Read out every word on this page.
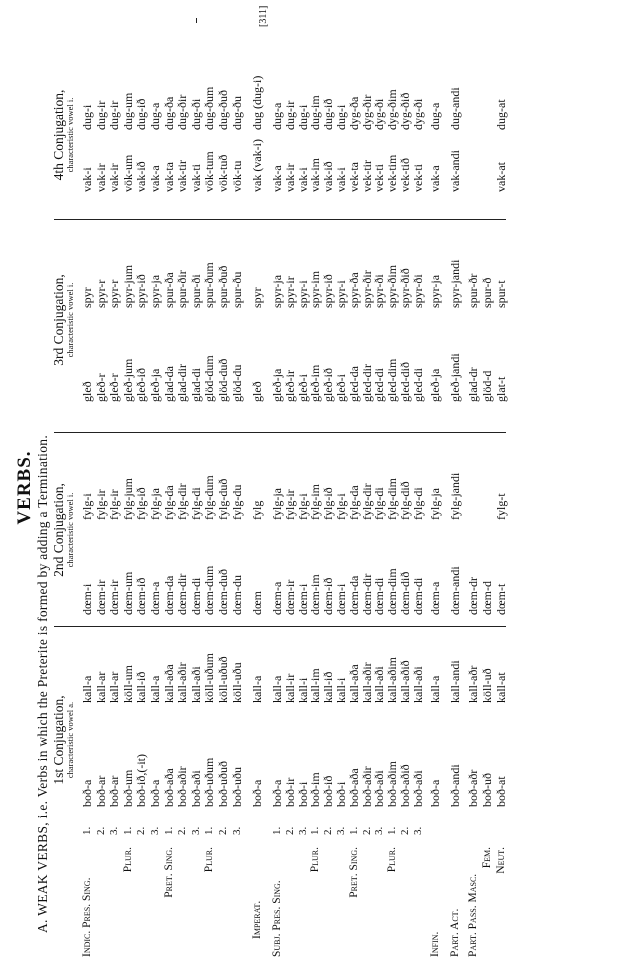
[311]
VERBS. A. WEAK VERBS, i.e. Verbs in which the Preterite is formed by adding a Termination.	Indic. Pres. Sing.
1.
boð-a
kall-a
dœm-i
fylg-i
gleð
spyr
vak-i
dug-i
2.
boð-ar
kall-ar
dœm-ir
fylg-ir
gleð-r
spyr-r
vak-ir
dug-ir
3.
boð-ar
kall-ar
dœm-ir
fylg-ir
gleð-r
spyr-r
vak-ir
dug-ir
Plur.
1.
boð-um
köll-um
dœm-um
fylg-jum
gleð-jum
spyr-jum
vök-um
dug-um
2.
boð-ið,(-it)
kall-ið
dœm-ið
fylg-ið
gleð-ið
spyr-ið
vak-ið
dug-ið
3.
boð-a
kall-a
dœm-a
fylg-ja
gleð-ja
spyr-ja
vak-a
dug-a
Pret. Sing.
1.
boð-aða
kall-aða
dœm-da
fylg-da
glad-da
spur-ða
vak-ta
dug-ða
2.
boð-aðir
kall-aðir
dœm-dir
fylg-dir
glad-dir
spur-ðir
vak-tir
dug-ðir
3.
boð-aði
kall-aði
dœm-di
fylg-di
glad-di
spur-ði
vak-ti
dug-ði
Plur.
1.
boð-uðum
köll-uðum
dœm-dum
fylg-dum
glöd-dum
spur-ðum
vök-tum
dug-ðum
2.
boð-uðuð
köll-uðuð
dœm-duð
fylg-duð
glöd-duð
spur-ðuð
vök-tuð
dug-ðuð
3.
boð-uðu
köll-uðu
dœm-du
fylg-du
glöd-du
spur-ðu
vök-tu
dug-ðu
Imperat.
boð-a
kall-a
dœm
fylg
gleð
spyr
vak (vak-i)
dug (dug-i)
Subj. Pres. Sing.
1.
boð-a
kall-a
dœm-a
fylg-ja
gleð-ja
spyr-ja
vak-a
dug-a
2.
boð-ir
kall-ir
dœm-ir
fylg-ir
gleð-ir
spyr-ir
vak-ir
dug-ir
3.
boð-i
kall-i
dœm-i
fylg-i
gleð-i
spyr-i
vak-i
dug-i
Plur.
1.
boð-im
kall-im
dœm-im
fylg-im
gleð-im
spyr-im
vak-im
dug-im
2.
boð-ið
kall-ið
dœm-ið
fylg-ið
gleð-ið
spyr-ið
vak-ið
dug-ið
3.
boð-i
kall-i
dœm-i
fylg-i
gleð-i
spyr-i
vak-i
dug-i
Pret. Sing.
1.
boð-aða
kall-aða
dœm-da
fylg-da
gled-da
spyr-ða
vek-ta
dyg-ða
2.
boð-aðir
kall-aðir
dœm-dir
fylg-dir
gled-dir
spyr-ðir
vek-tir
dyg-ðir
3.
boð-aði
kall-aði
dœm-di
fylg-di
gled-di
spyr-ði
vek-ti
dyg-ði
Plur.
1.
boð-aðim
kall-aðim
dœm-dim
fylg-dim
gled-dim
spyr-ðim
vek-tim
dyg-ðim
2.
boð-aðið
kall-aðið
dœm-dið
fylg-dið
gled-dið
spyr-ðið
vek-tið
dyg-ðið
3.
boð-aði
kall-aði
dœm-di
fylg-di
gled-di
spyr-ði
vek-ti
dyg-ði
Infin.
boð-a
kall-a
dœm-a
fylg-ja
gleð-ja
spyr-ja
vak-a
dug-a
Part. Act.
boð-andi
kall-andi
dœm-andi
fylg-jandi
gleð-jandi
spyr-jandi
vak-andi
dug-andi
Part. Pass. Masc.
boð-aðr
kall-aðr
dœm-dr
glad-dr
spur-ðr
Fem.
boð-uð
köll-uð
dœm-d
glöd-d
spur-ð
Neut.
boð-at
kall-at
dœm-t
fylg-t
glat-t
spur-t
vak-at
dug-at
1st Conjugation, characteristic vowel a.
2nd Conjugation, characteristic vowel i.
3rd Conjugation, characteristic vowel i.
4th Conjugation, characteristic vowel i.
